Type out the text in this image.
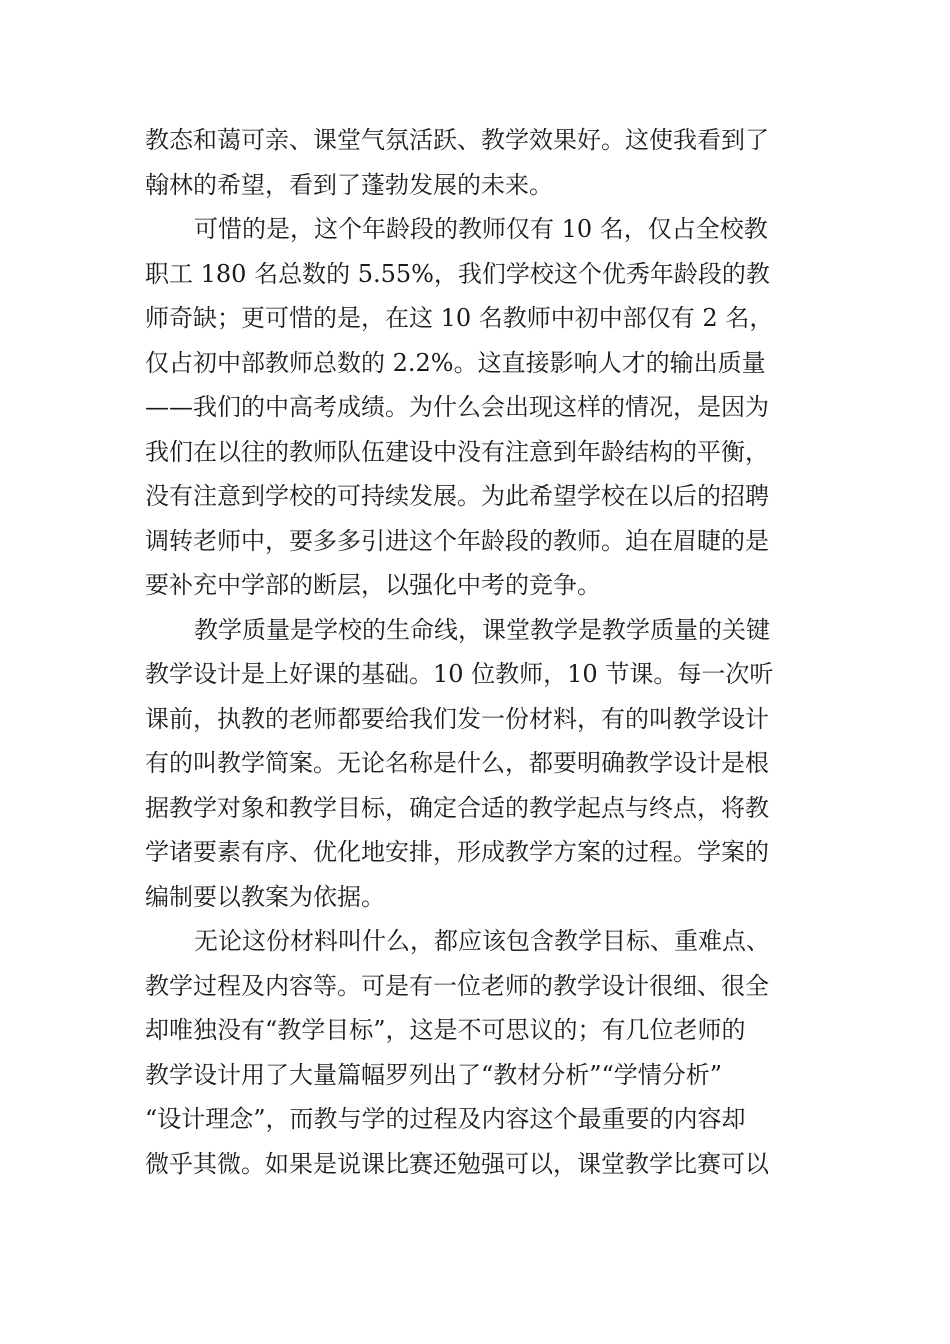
教态和蔼可亲、课堂气氛活跃、教学效果好。这使我看到了
翰林的希望，看到了蓬勃发展的未来。
可惜的是，这个年龄段的教师仅有 10 名，仅占全校教
职工 180 名总数的 5.55%，我们学校这个优秀年龄段的教
师奇缺；更可惜的是，在这 10 名教师中初中部仅有 2 名，
仅占初中部教师总数的 2.2%。这直接影响人才的输出质量
——我们的中高考成绩。为什么会出现这样的情况，是因为
我们在以往的教师队伍建设中没有注意到年龄结构的平衡，
没有注意到学校的可持续发展。为此希望学校在以后的招聘
调转老师中，要多多引进这个年龄段的教师。迫在眉睫的是
要补充中学部的断层，以强化中考的竞争。
教学质量是学校的生命线，课堂教学是教学质量的关键
教学设计是上好课的基础。10 位教师，10 节课。每一次听
课前，执教的老师都要给我们发一份材料，有的叫教学设计
有的叫教学简案。无论名称是什么，都要明确教学设计是根
据教学对象和教学目标，确定合适的教学起点与终点，将教
学诸要素有序、优化地安排，形成教学方案的过程。学案的
编制要以教案为依据。
无论这份材料叫什么，都应该包含教学目标、重难点、
教学过程及内容等。可是有一位老师的教学设计很细、很全
却唯独没有“教学目标”，这是不可思议的；有几位老师的
教学设计用了大量篇幅罗列出了“教材分析”“学情分析”
“设计理念”，而教与学的过程及内容这个最重要的内容却
微乎其微。如果是说课比赛还勉强可以，课堂教学比赛可以
